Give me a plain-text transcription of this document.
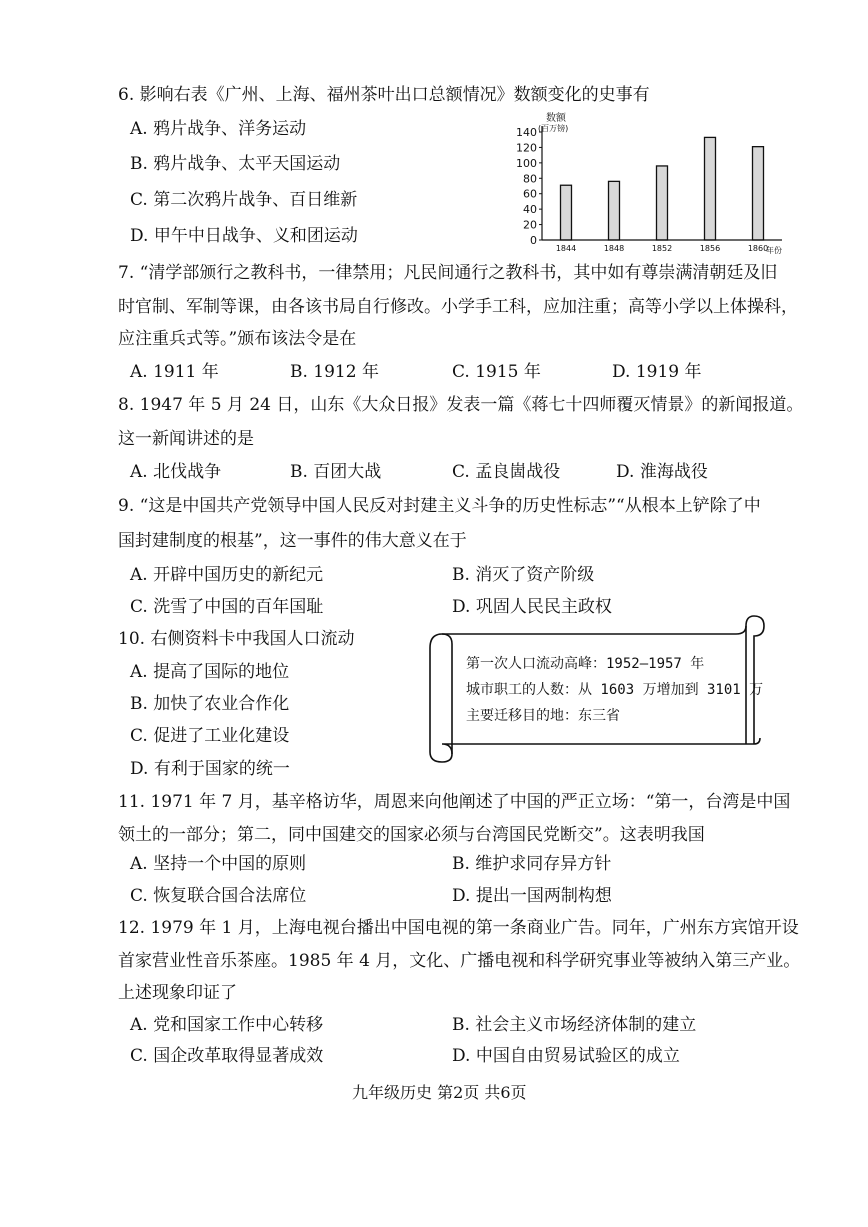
6. 影响右表《广州、上海、福州茶叶出口总额情况》数额变化的史事有
A. 鸦片战争、洋务运动
B. 鸦片战争、太平天国运动
C. 第二次鸦片战争、百日维新
D. 甲午中日战争、义和团运动
数额
(百万镑)
0
20
40
60
80
100
120
140
1844	1848	1852	1856	1860
年份
7. “清学部颁行之教科书，一律禁用；凡民间通行之教科书，其中如有尊崇满清朝廷及旧
时官制、军制等课，由各该书局自行修改。小学手工科，应加注重；高等小学以上体操科，
应注重兵式等。”颁布该法令是在
A. 1911 年	B. 1912 年	C. 1915 年	D. 1919 年
8. 1947 年 5 月 24 日，山东《大众日报》发表一篇《蒋七十四师覆灭情景》的新闻报道。
这一新闻讲述的是
A. 北伐战争	B. 百团大战	C. 孟良崮战役	D. 淮海战役
9. “这是中国共产党领导中国人民反对封建主义斗争的历史性标志”“从根本上铲除了中
国封建制度的根基”，这一事件的伟大意义在于
A. 开辟中国历史的新纪元	B. 消灭了资产阶级
C. 洗雪了中国的百年国耻	D. 巩固人民民主政权
10. 右侧资料卡中我国人口流动
A. 提高了国际的地位
B. 加快了农业合作化
C. 促进了工业化建设
D. 有利于国家的统一
第一次人口流动高峰：1952—1957 年
城市职工的人数：从 1603 万增加到 3101 万
主要迁移目的地：东三省
11. 1971 年 7 月，基辛格访华，周恩来向他阐述了中国的严正立场：“第一，台湾是中国
领土的一部分；第二，同中国建交的国家必须与台湾国民党断交”。这表明我国
A. 坚持一个中国的原则	B. 维护求同存异方针
C. 恢复联合国合法席位	D. 提出一国两制构想
12. 1979 年 1 月，上海电视台播出中国电视的第一条商业广告。同年，广州东方宾馆开设
首家营业性音乐茶座。1985 年 4 月，文化、广播电视和科学研究事业等被纳入第三产业。
上述现象印证了
A. 党和国家工作中心转移	B. 社会主义市场经济体制的建立
C. 国企改革取得显著成效	D. 中国自由贸易试验区的成立
九年级历史 第2页 共6页
